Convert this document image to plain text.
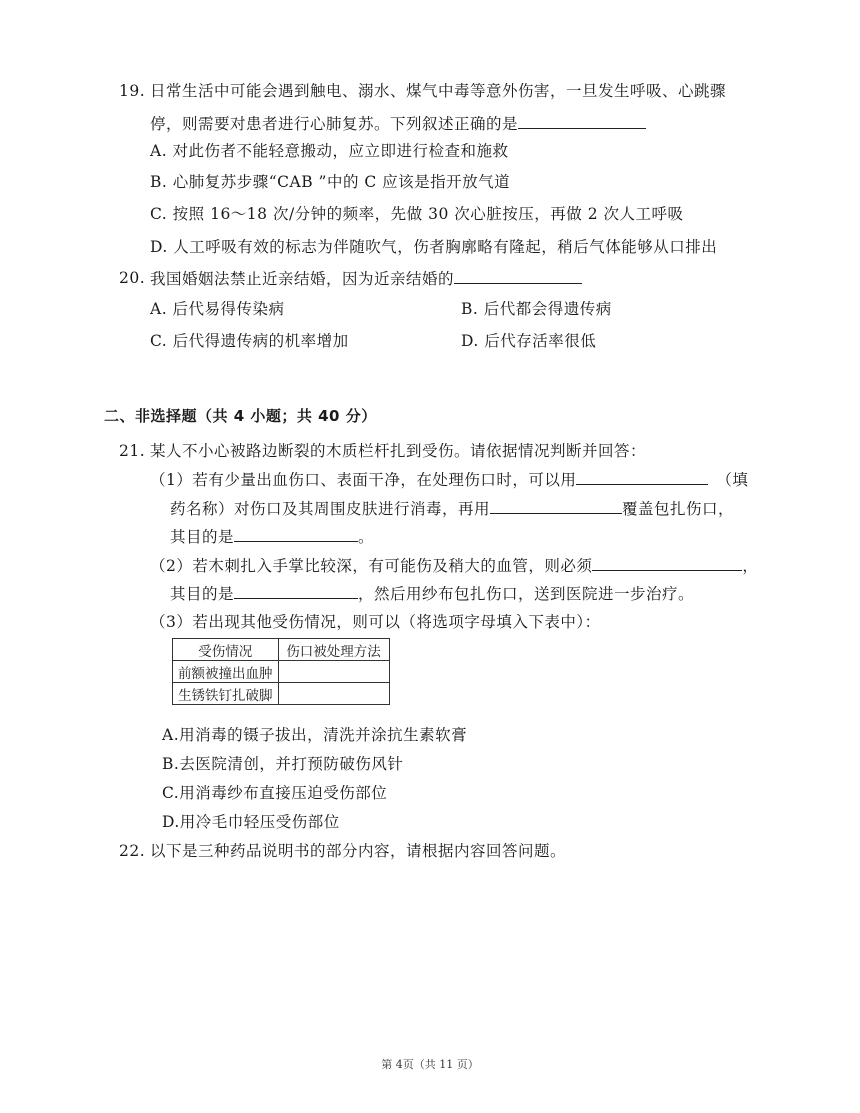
19. 日常生活中可能会遇到触电、溺水、煤气中毒等意外伤害，一旦发生呼吸、心跳骤
停，则需要对患者进行心肺复苏。下列叙述正确的是
A. 对此伤者不能轻意搬动，应立即进行检查和施救
B. 心肺复苏步骤“CAB ”中的 C 应该是指开放气道
C. 按照 16～18 次/分钟的频率，先做 30 次心脏按压，再做 2 次人工呼吸
D. 人工呼吸有效的标志为伴随吹气，伤者胸廓略有隆起，稍后气体能够从口排出
20. 我国婚姻法禁止近亲结婚，因为近亲结婚的
A. 后代易得传染病	B. 后代都会得遗传病
C. 后代得遗传病的机率增加	D. 后代存活率很低
二、非选择题（共 4 小题；共 40 分）
21. 某人不小心被路边断裂的木质栏杆扎到受伤。请依据情况判断并回答：
（1）若有少量出血伤口、表面干净，在处理伤口时，可以用	（填
药名称）对伤口及其周围皮肤进行消毒，再用	覆盖包扎伤口，
其目的是	。
（2）若木刺扎入手掌比较深，有可能伤及稍大的血管，则必须	，
其目的是	，然后用纱布包扎伤口，送到医院进一步治疗。
（3）若出现其他受伤情况，则可以（将选项字母填入下表中）：
受伤情况	伤口被处理方法
前额被撞出血肿	
生锈铁钉扎破脚	
A.用消毒的镊子拔出，清洗并涂抗生素软膏
B.去医院清创，并打预防破伤风针
C.用消毒纱布直接压迫受伤部位
D.用冷毛巾轻压受伤部位
22. 以下是三种药品说明书的部分内容，请根据内容回答问题。
第 4页（共 11 页）
